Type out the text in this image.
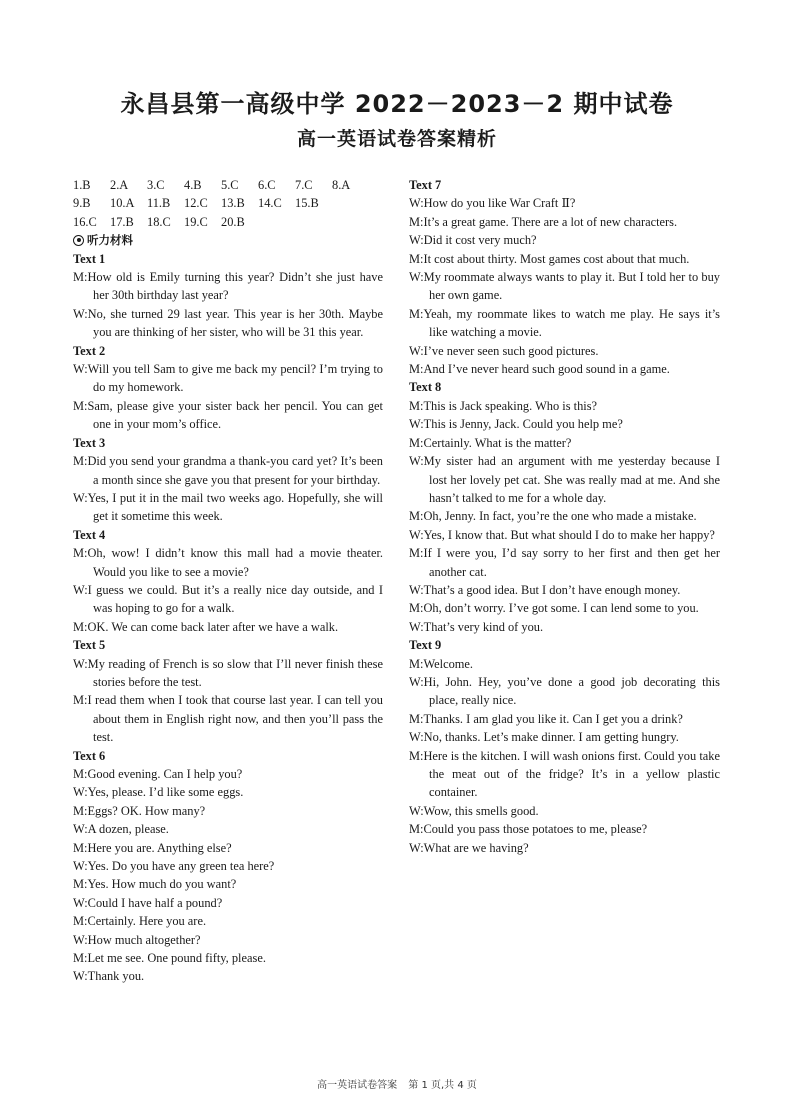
永昌县第一高级中学 2022－2023－2 期中试卷
高一英语试卷答案精析
1.B 2.A 3.C 4.B 5.C 6.C 7.C 8.A
9.B 10.A 11.B 12.C 13.B 14.C 15.B
16.C 17.B 18.C 19.C 20.B
听力材料
Text 1
M:How old is Emily turning this year? Didn’t she just have her 30th birthday last year?
W:No, she turned 29 last year. This year is her 30th. Maybe you are thinking of her sister, who will be 31 this year.
Text 2
W:Will you tell Sam to give me back my pencil? I’m trying to do my homework.
M:Sam, please give your sister back her pencil. You can get one in your mom’s office.
Text 3
M:Did you send your grandma a thank-you card yet? It’s been a month since she gave you that present for your birthday.
W:Yes, I put it in the mail two weeks ago. Hopefully, she will get it sometime this week.
Text 4
M:Oh, wow! I didn’t know this mall had a movie theater. Would you like to see a movie?
W:I guess we could. But it’s a really nice day outside, and I was hoping to go for a walk.
M:OK. We can come back later after we have a walk.
Text 5
W:My reading of French is so slow that I’ll never finish these stories before the test.
M:I read them when I took that course last year. I can tell you about them in English right now, and then you’ll pass the test.
Text 6
M:Good evening. Can I help you?
W:Yes, please. I’d like some eggs.
M:Eggs? OK. How many?
W:A dozen, please.
M:Here you are. Anything else?
W:Yes. Do you have any green tea here?
M:Yes. How much do you want?
W:Could I have half a pound?
M:Certainly. Here you are.
W:How much altogether?
M:Let me see. One pound fifty, please.
W:Thank you.
Text 7
W:How do you like War Craft Ⅱ?
M:It’s a great game. There are a lot of new characters.
W:Did it cost very much?
M:It cost about thirty. Most games cost about that much.
W:My roommate always wants to play it. But I told her to buy her own game.
M:Yeah, my roommate likes to watch me play. He says it’s like watching a movie.
W:I’ve never seen such good pictures.
M:And I’ve never heard such good sound in a game.
Text 8
M:This is Jack speaking. Who is this?
W:This is Jenny, Jack. Could you help me?
M:Certainly. What is the matter?
W:My sister had an argument with me yesterday because I lost her lovely pet cat. She was really mad at me. And she hasn’t talked to me for a whole day.
M:Oh, Jenny. In fact, you’re the one who made a mistake.
W:Yes, I know that. But what should I do to make her happy?
M:If I were you, I’d say sorry to her first and then get her another cat.
W:That’s a good idea. But I don’t have enough money.
M:Oh, don’t worry. I’ve got some. I can lend some to you.
W:That’s very kind of you.
Text 9
M:Welcome.
W:Hi, John. Hey, you’ve done a good job decorating this place, really nice.
M:Thanks. I am glad you like it. Can I get you a drink?
W:No, thanks. Let’s make dinner. I am getting hungry.
M:Here is the kitchen. I will wash onions first. Could you take the meat out of the fridge? It’s in a yellow plastic container.
W:Wow, this smells good.
M:Could you pass those potatoes to me, please?
W:What are we having?
高一英语试卷答案 第 1 页,共 4 页
